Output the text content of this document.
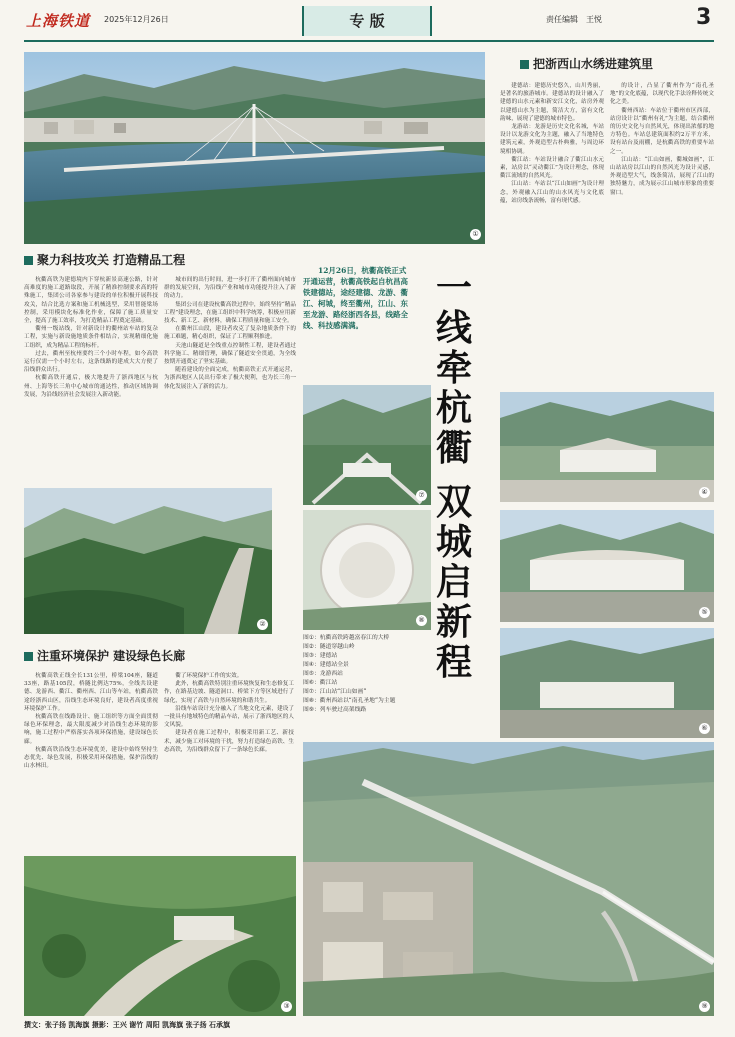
上海铁道 2025年12月26日	专 版	责任编辑　王悦	3
①
把浙西山水绣进建筑里

建德站：建德历史悠久，山川秀丽，是著名的旅游城市。建德站的设计融入了建德的山水元素和新安江文化，站房外观以建德山水为主题，简洁大方，富有文化韵味，展现了建德的城市特色。

龙游站：龙游是历史文化名城，车站设计以龙游文化为主题，融入了当地特色建筑元素，外观造型古朴典雅，与周边环境相协调。

衢江站：车站设计融合了衢江山水元素，站房以“灵动衢江”为设计理念，体现衢江流域的自然风光。

江山站：车站以“江山如画”为设计理念，外观融入江山的山水风光与文化底蕴，站房线条流畅，富有现代感。

的设计，凸显了衢州作为“南孔圣地”的文化底蕴，以现代化手法诠释传统文化之美。

衢州西站：车站位于衢州市区西部，站房设计以“衢州有礼”为主题，结合衢州的历史文化与自然风光，体现出浓郁的地方特色。车站总建筑面积约2万平方米，设有站台及雨棚，是杭衢高铁的重要车站之一。

江山站：“江山如画，衢城如画”，江山站站房以江山的自然风光为设计灵感，外观造型大气，线条简洁，展现了江山的独特魅力，成为展示江山城市形象的重要窗口。

聚力科技攻关 打造精品工程

杭衢高铁为建德境内下穿杭新景高速公路，针对高难度的施工道路取段，开展了精准控制要求高的特殊施工，集团公司各家参与建设的单位积极开展科技攻关，结合比选方案和施工机械选型，采用智能梁场控制，采用模块化标准化作业，保障了施工质量安全，提高了施工效率，为打造精品工程奠定基础。

衢州一级站线，针对新设计的衢州站车站的复杂工程，实施与新设施地质条件相结合，实现精细化施工组织，成为精品工程的标杆。

过去，衢州至杭州要约三个小时车程，如今高铁运行仅需一个小时左右，这条线路的建成大大方便了沿线群众出行。

杭衢高铁开通后，极大地提升了浙西地区与杭州、上海等长三角中心城市的通达性，推动区域协调发展，为沿线经济社会发展注入新动能。

城市间的出行时间，进一步打开了衢州面向城市群的发展空间，为沿线产业和城市功能提升注入了新的动力。

集团公司在建设杭衢高铁过程中，始终坚持“精品工程”建设理念，在施工组织中科学统筹，积极应用新技术、新工艺、新材料，确保工程质量和施工安全。

在衢州江山段，建设者攻克了复杂地质条件下的施工难题，精心组织，保证了工程顺利推进。

天池山隧道是全线重点控制性工程，建设者通过科学施工、精细管理，确保了隧道安全贯通，为全线按期开通奠定了坚实基础。

随着建设的全面完成，杭衢高铁正式开通运营，为浙西地区人民出行带来了极大便利，也为长三角一体化发展注入了新的活力。

12月26日，杭衢高铁正式开通运营，杭衢高铁起自杭昌高铁建德站，途经建德、龙游、衢江、柯城，终至衢州，江山、东至龙游、路经浙西各县，线路全线、科技感满满。

一
线
牵
杭
衢

双
城
启
新
程
②
⑦
⑧
④
⑤
⑥
注重环境保护 建设绿色长廊

杭衢高铁正线全长131公里，桥梁104座，隧道33座，路基105段，桥隧比例达75%，全线共设建德、龙游西、衢江、衢州西、江山等车站，杭衢高铁途经浙西山区，沿线生态环境良好，建设者高度重视环境保护工作。

杭衢高铁在线路设计、施工组织等方面全面贯彻绿色环保理念，最大限度减少对沿线生态环境的影响，施工过程中严格落实各项环保措施，建设绿色长廊。

杭衢高铁沿线生态环境优美，建设中始终坚持生态优先、绿色发展，积极采用环保措施，保护沿线的山水林田。

衢了环境保护工作的实效。

此外，杭衢高铁特别注重环境恢复和生态修复工作，在路基边坡、隧道洞口、桥梁下方等区域进行了绿化，实现了高铁与自然环境的和谐共生。

沿线车站设计充分融入了当地文化元素，建设了一批具有地域特色的精品车站，展示了浙西地区的人文风貌。

建设者在施工过程中，积极采用新工艺、新技术，减少施工对环境的干扰，努力打造绿色高铁、生态高铁，为沿线群众留下了一条绿色长廊。

图①：杭衢高铁跨越富春江的大桥
图②：隧道穿越山岭
图③：建德站
图④：建德站全景
图⑤：龙游西站
图⑥：衢江站
图⑦：江山站“江山如画”
图⑧：衢州西站以“南孔圣地”为主题
图⑨：列车驶过高架线路
③	⑨
撰文：张子扬 凯海旗 摄影：王兴 谢竹 周阳 凯海旗 张子扬 石承旗
